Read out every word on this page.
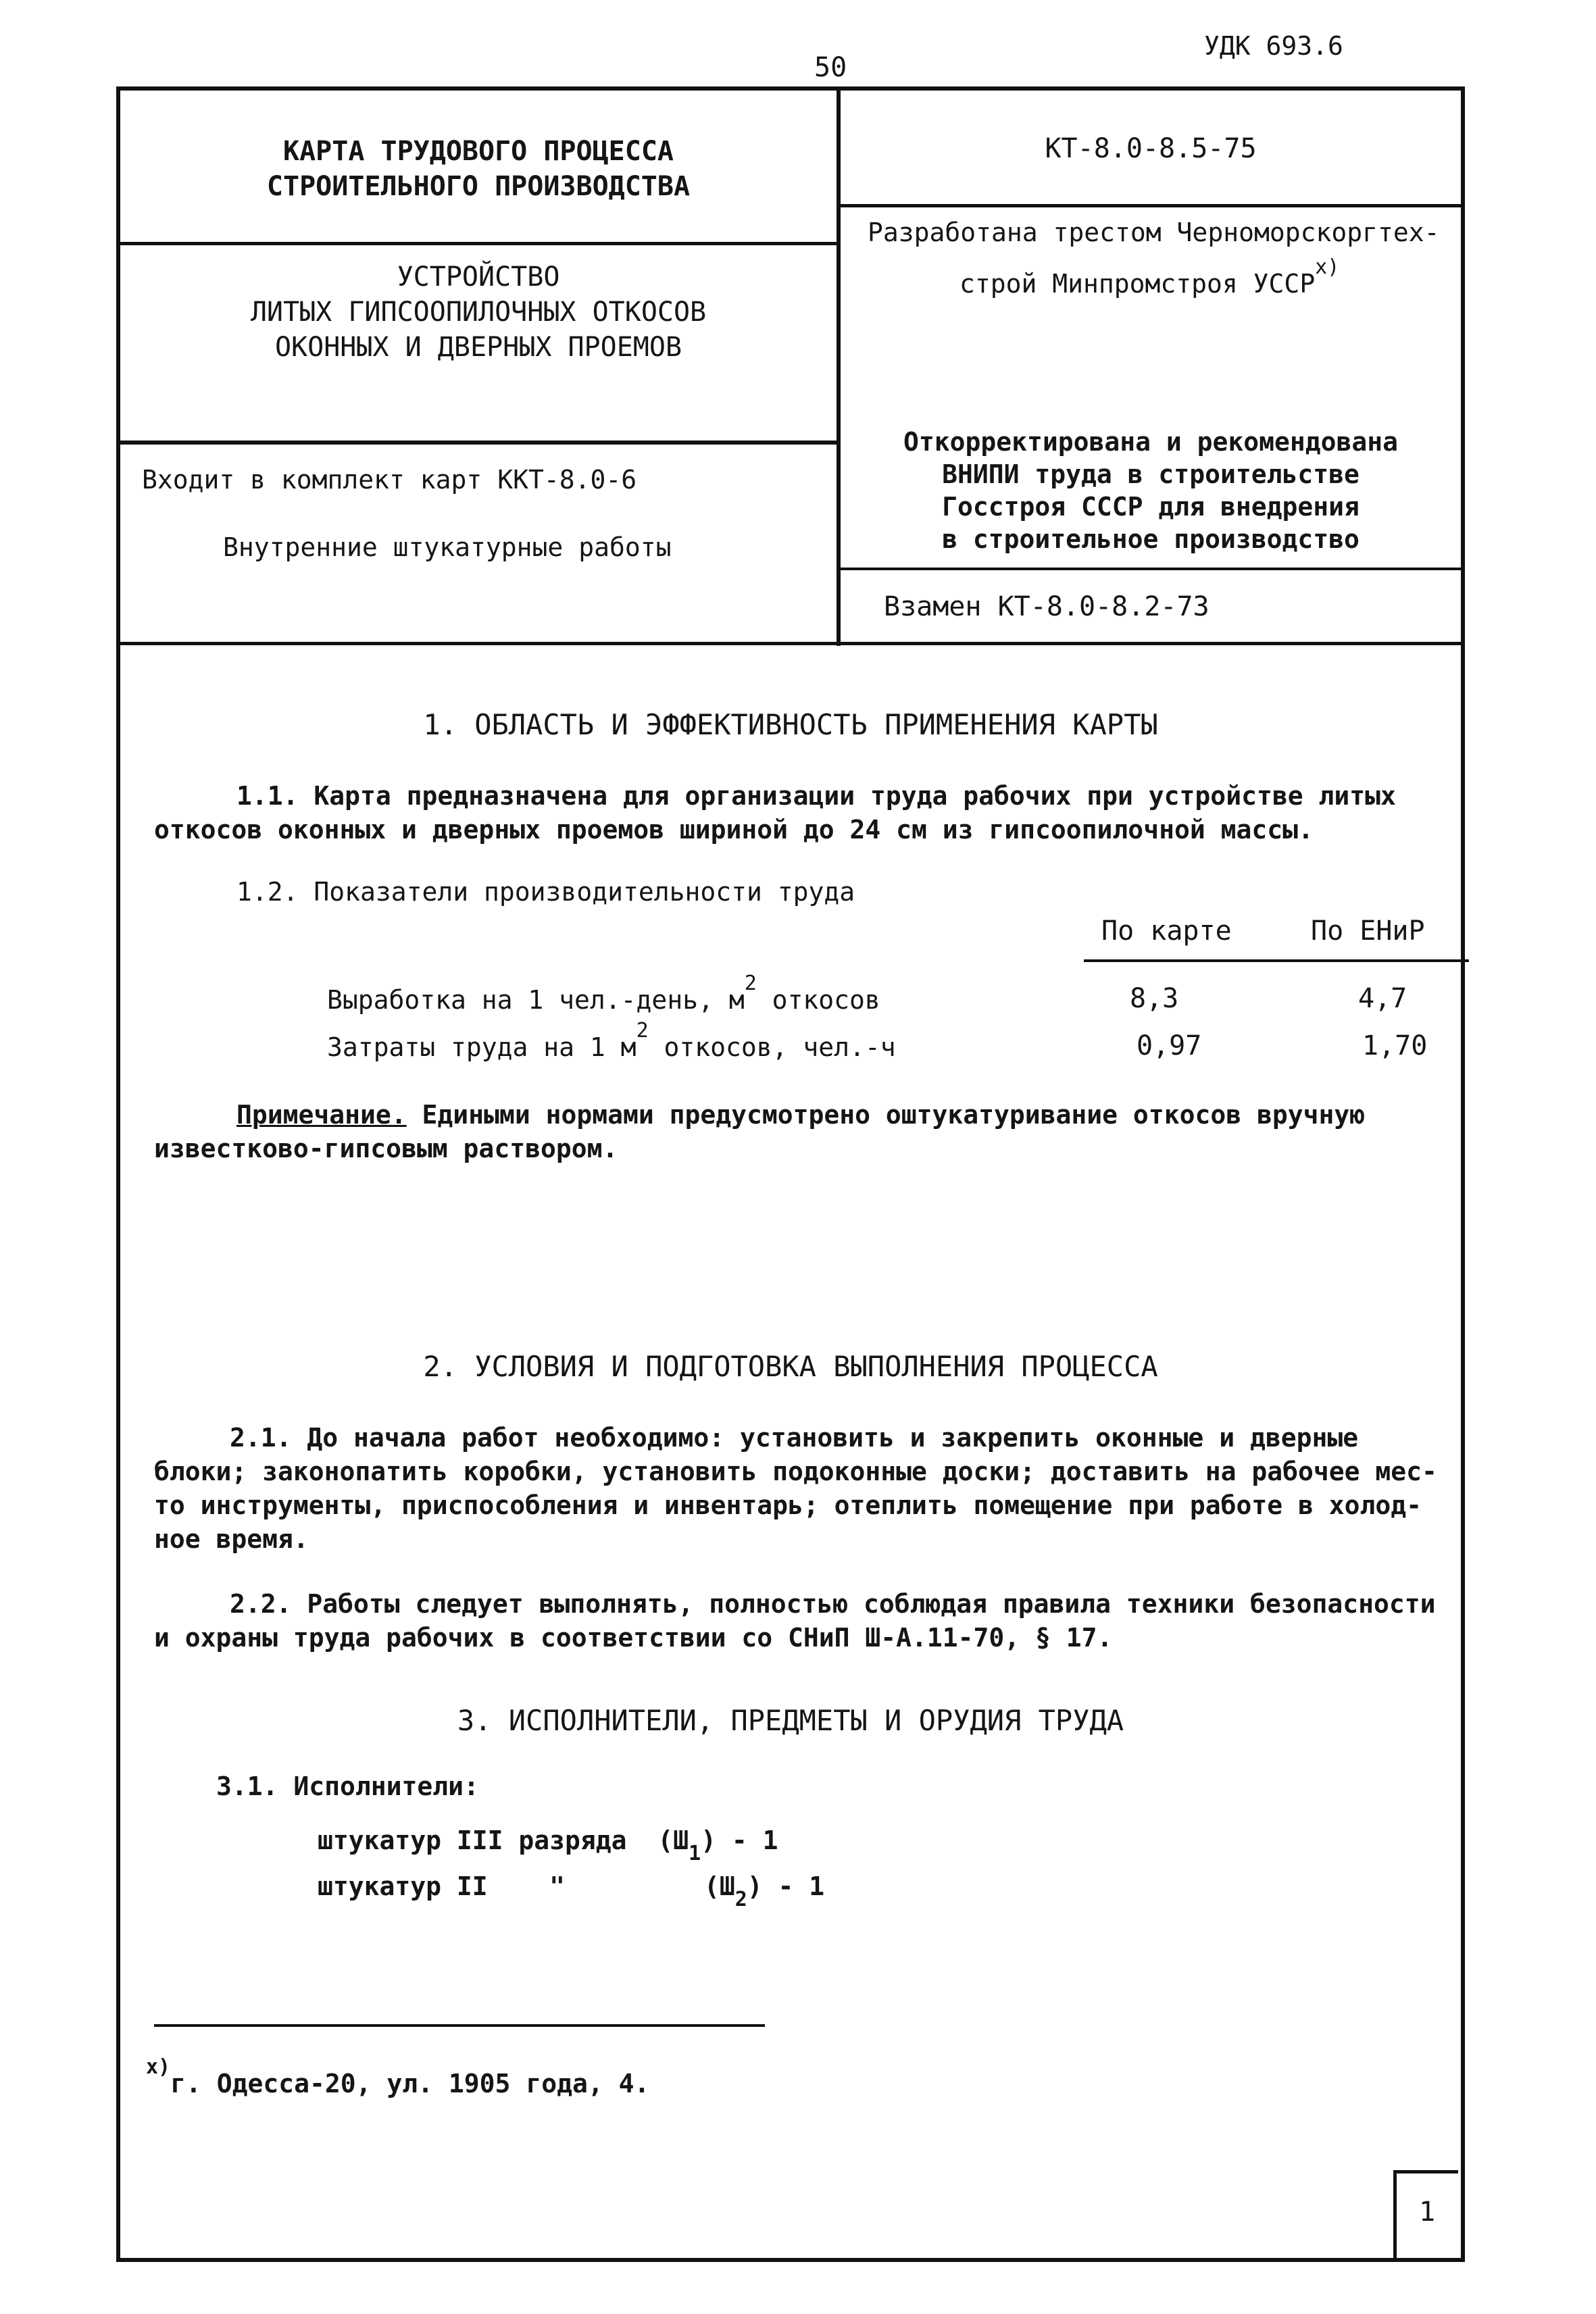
50
УДК 693.6
КАРТА ТРУДОВОГО ПРОЦЕССА
СТРОИТЕЛЬНОГО ПРОИЗВОДСТВА
УСТРОЙСТВО
ЛИТЫХ ГИПСООПИЛОЧНЫХ ОТКОСОВ
ОКОННЫХ И ДВЕРНЫХ ПРОЕМОВ
Входит в комплект карт ККТ-8.0-6
Внутренние штукатурные работы
КТ-8.0-8.5-75
Разработана трестом Черноморскоргтех-
строй Минпромстроя УССР$^{x)}$
Откорректирована и рекомендована
ВНИПИ труда в строительстве
Госстроя СССР для внедрения
в строительное производство
Взамен КТ-8.0-8.2-73
1. ОБЛАСТЬ И ЭФФЕКТИВНОСТЬ ПРИМЕНЕНИЯ КАРТЫ
1.1. Карта предназначена для организации труда рабочих при устройстве литых
откосов оконных и дверных проемов шириной до 24 см из гипсоопилочной массы.
1.2. Показатели производительности труда
По карте	По ЕНиР
Выработка на 1 чел.-день, $м^2$ откосов	8,3	4,7
Затраты труда на 1 $м^2$ откосов, чел.-ч	0,97	1,70
Примечание. Едиными нормами предусмотрено оштукатуривание откосов вручную
известково-гипсовым раствором.
2. УСЛОВИЯ И ПОДГОТОВКА ВЫПОЛНЕНИЯ ПРОЦЕССА
2.1. До начала работ необходимо: установить и закрепить оконные и дверные
блоки; законопатить коробки, установить подоконные доски; доставить на рабочее мес-
то инструменты, приспособления и инвентарь; отеплить помещение при работе в холод-
ное время.
2.2. Работы следует выполнять, полностью соблюдая правила техники безопасности
и охраны труда рабочих в соответствии со СНиП Ш-А.11-70, § 17.
3. ИСПОЛНИТЕЛИ, ПРЕДМЕТЫ И ОРУДИЯ ТРУДА
3.1. Исполнители:
штукатур III разряда $(Ш_1) - 1$
штукатур II    "	$(Ш_2) - 1$
$^{x)}$г. Одесса-20, ул. 1905 года, 4.
1
